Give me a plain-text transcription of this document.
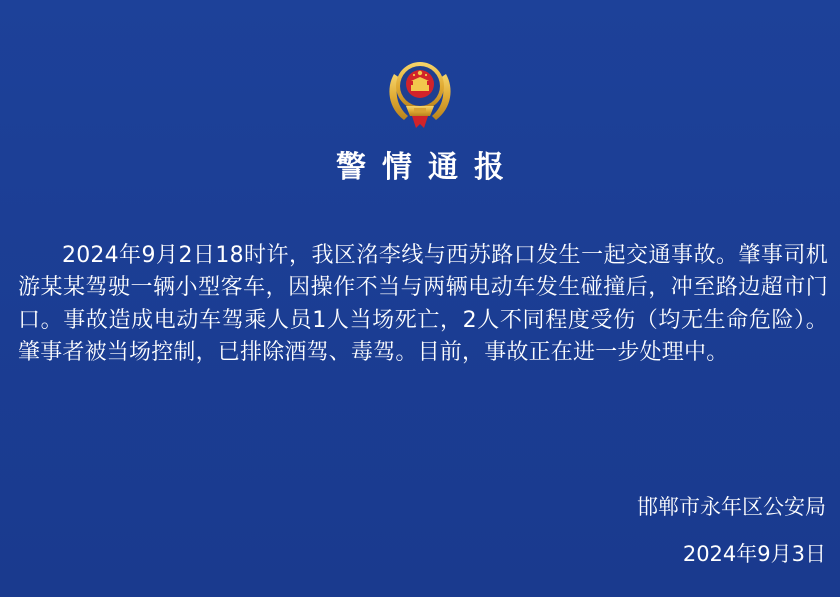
警情通报

2024年9月2日18时许，我区洺李线与西苏路口发生一起交通事故。肇事司机游某某驾驶一辆小型客车，因操作不当与两辆电动车发生碰撞后，冲至路边超市门口。事故造成电动车驾乘人员1人当场死亡，2人不同程度受伤（均无生命危险）。肇事者被当场控制，已排除酒驾、毒驾。目前，事故正在进一步处理中。

邯郸市永年区公安局
2024年9月3日
